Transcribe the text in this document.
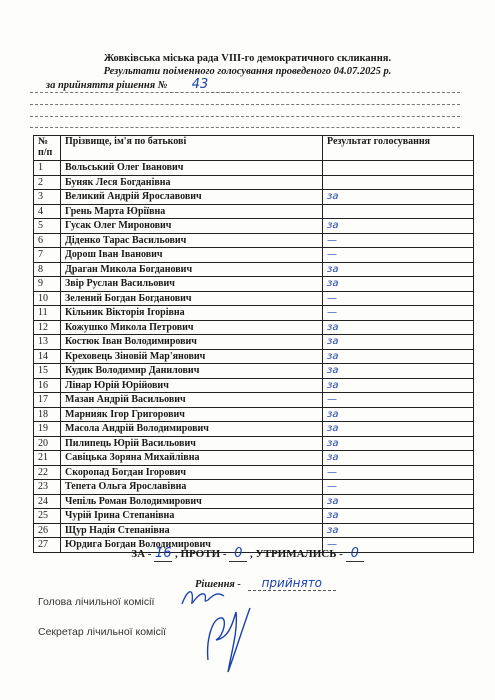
Жовківська міська рада VIII-го демократичного скликання.
Результати поіменного голосування проведеного 04.07.2025 р.
за прийняття рішення № 43
№ п/п	Прізвище, ім'я по батькові	Результат голосування
1	Вольський Олег Іванович	
2	Буняк Леся Богданівна	
3	Великий Андрій Ярославович	за
4	Грень Марта Юріївна	
5	Гусак Олег Миронович	за
6	Діденко Тарас Васильович	—
7	Дорош Іван Іванович	—
8	Драган Микола Богданович	за
9	Звір Руслан Васильович	за
10	Зелений Богдан Богданович	—
11	Кільник Вікторія Ігорівна	—
12	Кожушко Микола Петрович	за
13	Костюк Іван Володимирович	за
14	Креховець Зіновій Мар'янович	за
15	Кудик Володимир Данилович	за
16	Лінар Юрій Юрійович	за
17	Мазан Андрій Васильович	—
18	Марнияк Ігор Григорович	за
19	Масола Андрій Володимирович	за
20	Пилипець Юрій Васильович	за
21	Савіцька Зоряна Михайлівна	за
22	Скоропад Богдан Ігорович	—
23	Тепета Ольга Ярославівна	—
24	Чепіль Роман Володимирович	за
25	Чурій Ірина Степанівна	за
26	Щур Надія Степанівна	за
27	Юрдига Богдан Володимирович	—
ЗА - 16 , ПРОТИ - 0 , УТРИМАЛИСЬ - 0
Рішення - прийнято
Голова лічильної комісії
Секретар лічильної комісії
